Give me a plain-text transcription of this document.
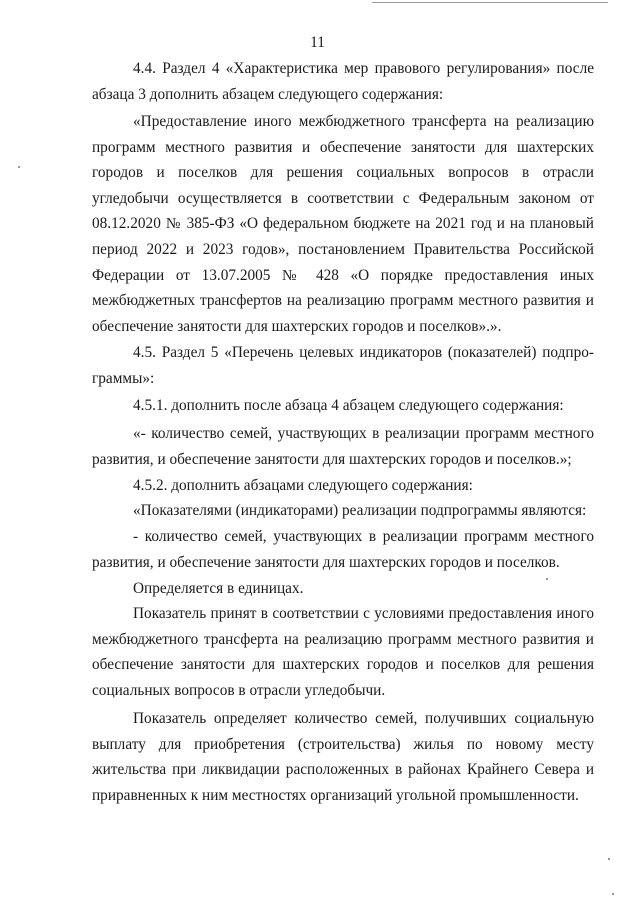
11
4.4. Раздел 4 «Характеристика мер правового регулирования» после абзаца 3 дополнить абзацем следующего содержания:
«Предоставление иного межбюджетного трансферта на реализацию программ местного развития и обеспечение занятости для шахтерских городов и поселков для решения социальных вопросов в отрасли угледобычи осуществляется в соответствии с Федеральным законом от 08.12.2020 № 385-ФЗ «О федеральном бюджете на 2021 год и на плановый период 2022 и 2023 годов», постановлением Правительства Российской Федерации от 13.07.2005 № 428 «О порядке предоставления иных межбюджетных трансфертов на реализацию программ местного развития и обеспечение занятости для шахтерских городов и поселков».».
4.5. Раздел 5 «Перечень целевых индикаторов (показателей) подпро-граммы»:
4.5.1. дополнить после абзаца 4 абзацем следующего содержания:
«- количество семей, участвующих в реализации программ местного развития, и обеспечение занятости для шахтерских городов и поселков.»;
4.5.2. дополнить абзацами следующего содержания:
«Показателями (индикаторами) реализации подпрограммы являются:
- количество семей, участвующих в реализации программ местного развития, и обеспечение занятости для шахтерских городов и поселков.
Определяется в единицах.
Показатель принят в соответствии с условиями предоставления иного межбюджетного трансферта на реализацию программ местного развития и обеспечение занятости для шахтерских городов и поселков для решения социальных вопросов в отрасли угледобычи.
Показатель определяет количество семей, получивших социальную выплату для приобретения (строительства) жилья по новому месту жительства при ликвидации расположенных в районах Крайнего Севера и приравненных к ним местностях организаций угольной промышленности.
